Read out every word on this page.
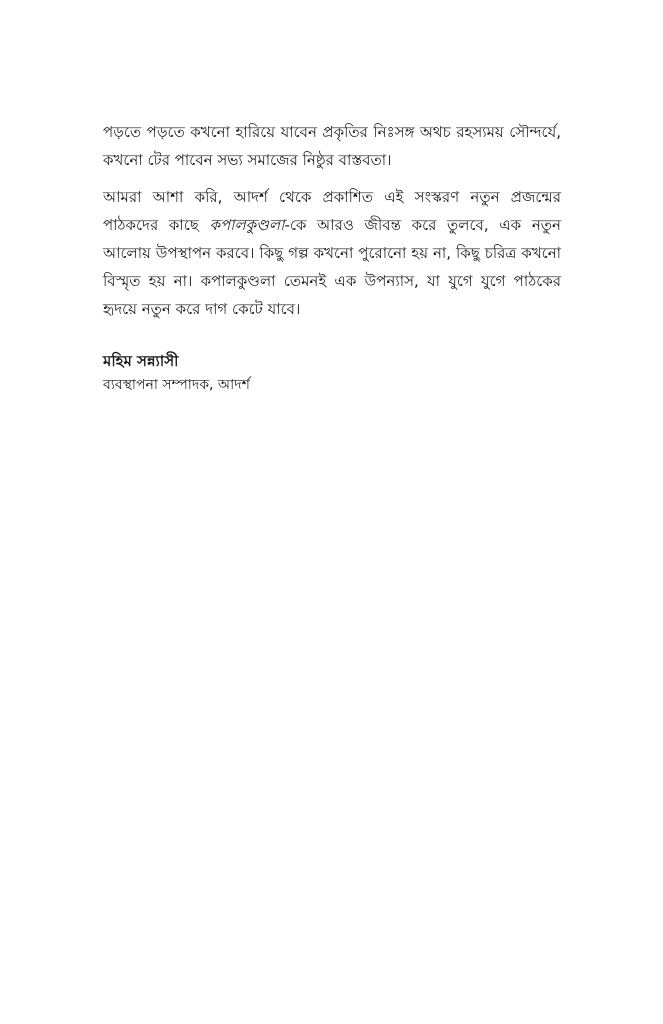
পড়তে পড়তে কখনো হারিয়ে যাবেন প্রকৃতির নিঃসঙ্গ অথচ রহস্যময় সৌন্দর্যে, কখনো টের পাবেন সভ্য সমাজের নিষ্ঠুর বাস্তবতা।

আমরা আশা করি, আদর্শ থেকে প্রকাশিত এই সংস্করণ নতুন প্রজন্মের পাঠকদের কাছে কপালকুণ্ডলা-কে আরও জীবন্ত করে তুলবে, এক নতুন আলোয় উপস্থাপন করবে। কিছু গল্প কখনো পুরোনো হয় না, কিছু চরিত্র কখনো বিস্মৃত হয় না। কপালকুণ্ডলা তেমনই এক উপন্যাস, যা যুগে যুগে পাঠকের হৃদয়ে নতুন করে দাগ কেটে যাবে।

মহিম সন্ন্যাসী
ব্যবস্থাপনা সম্পাদক, আদর্শ
